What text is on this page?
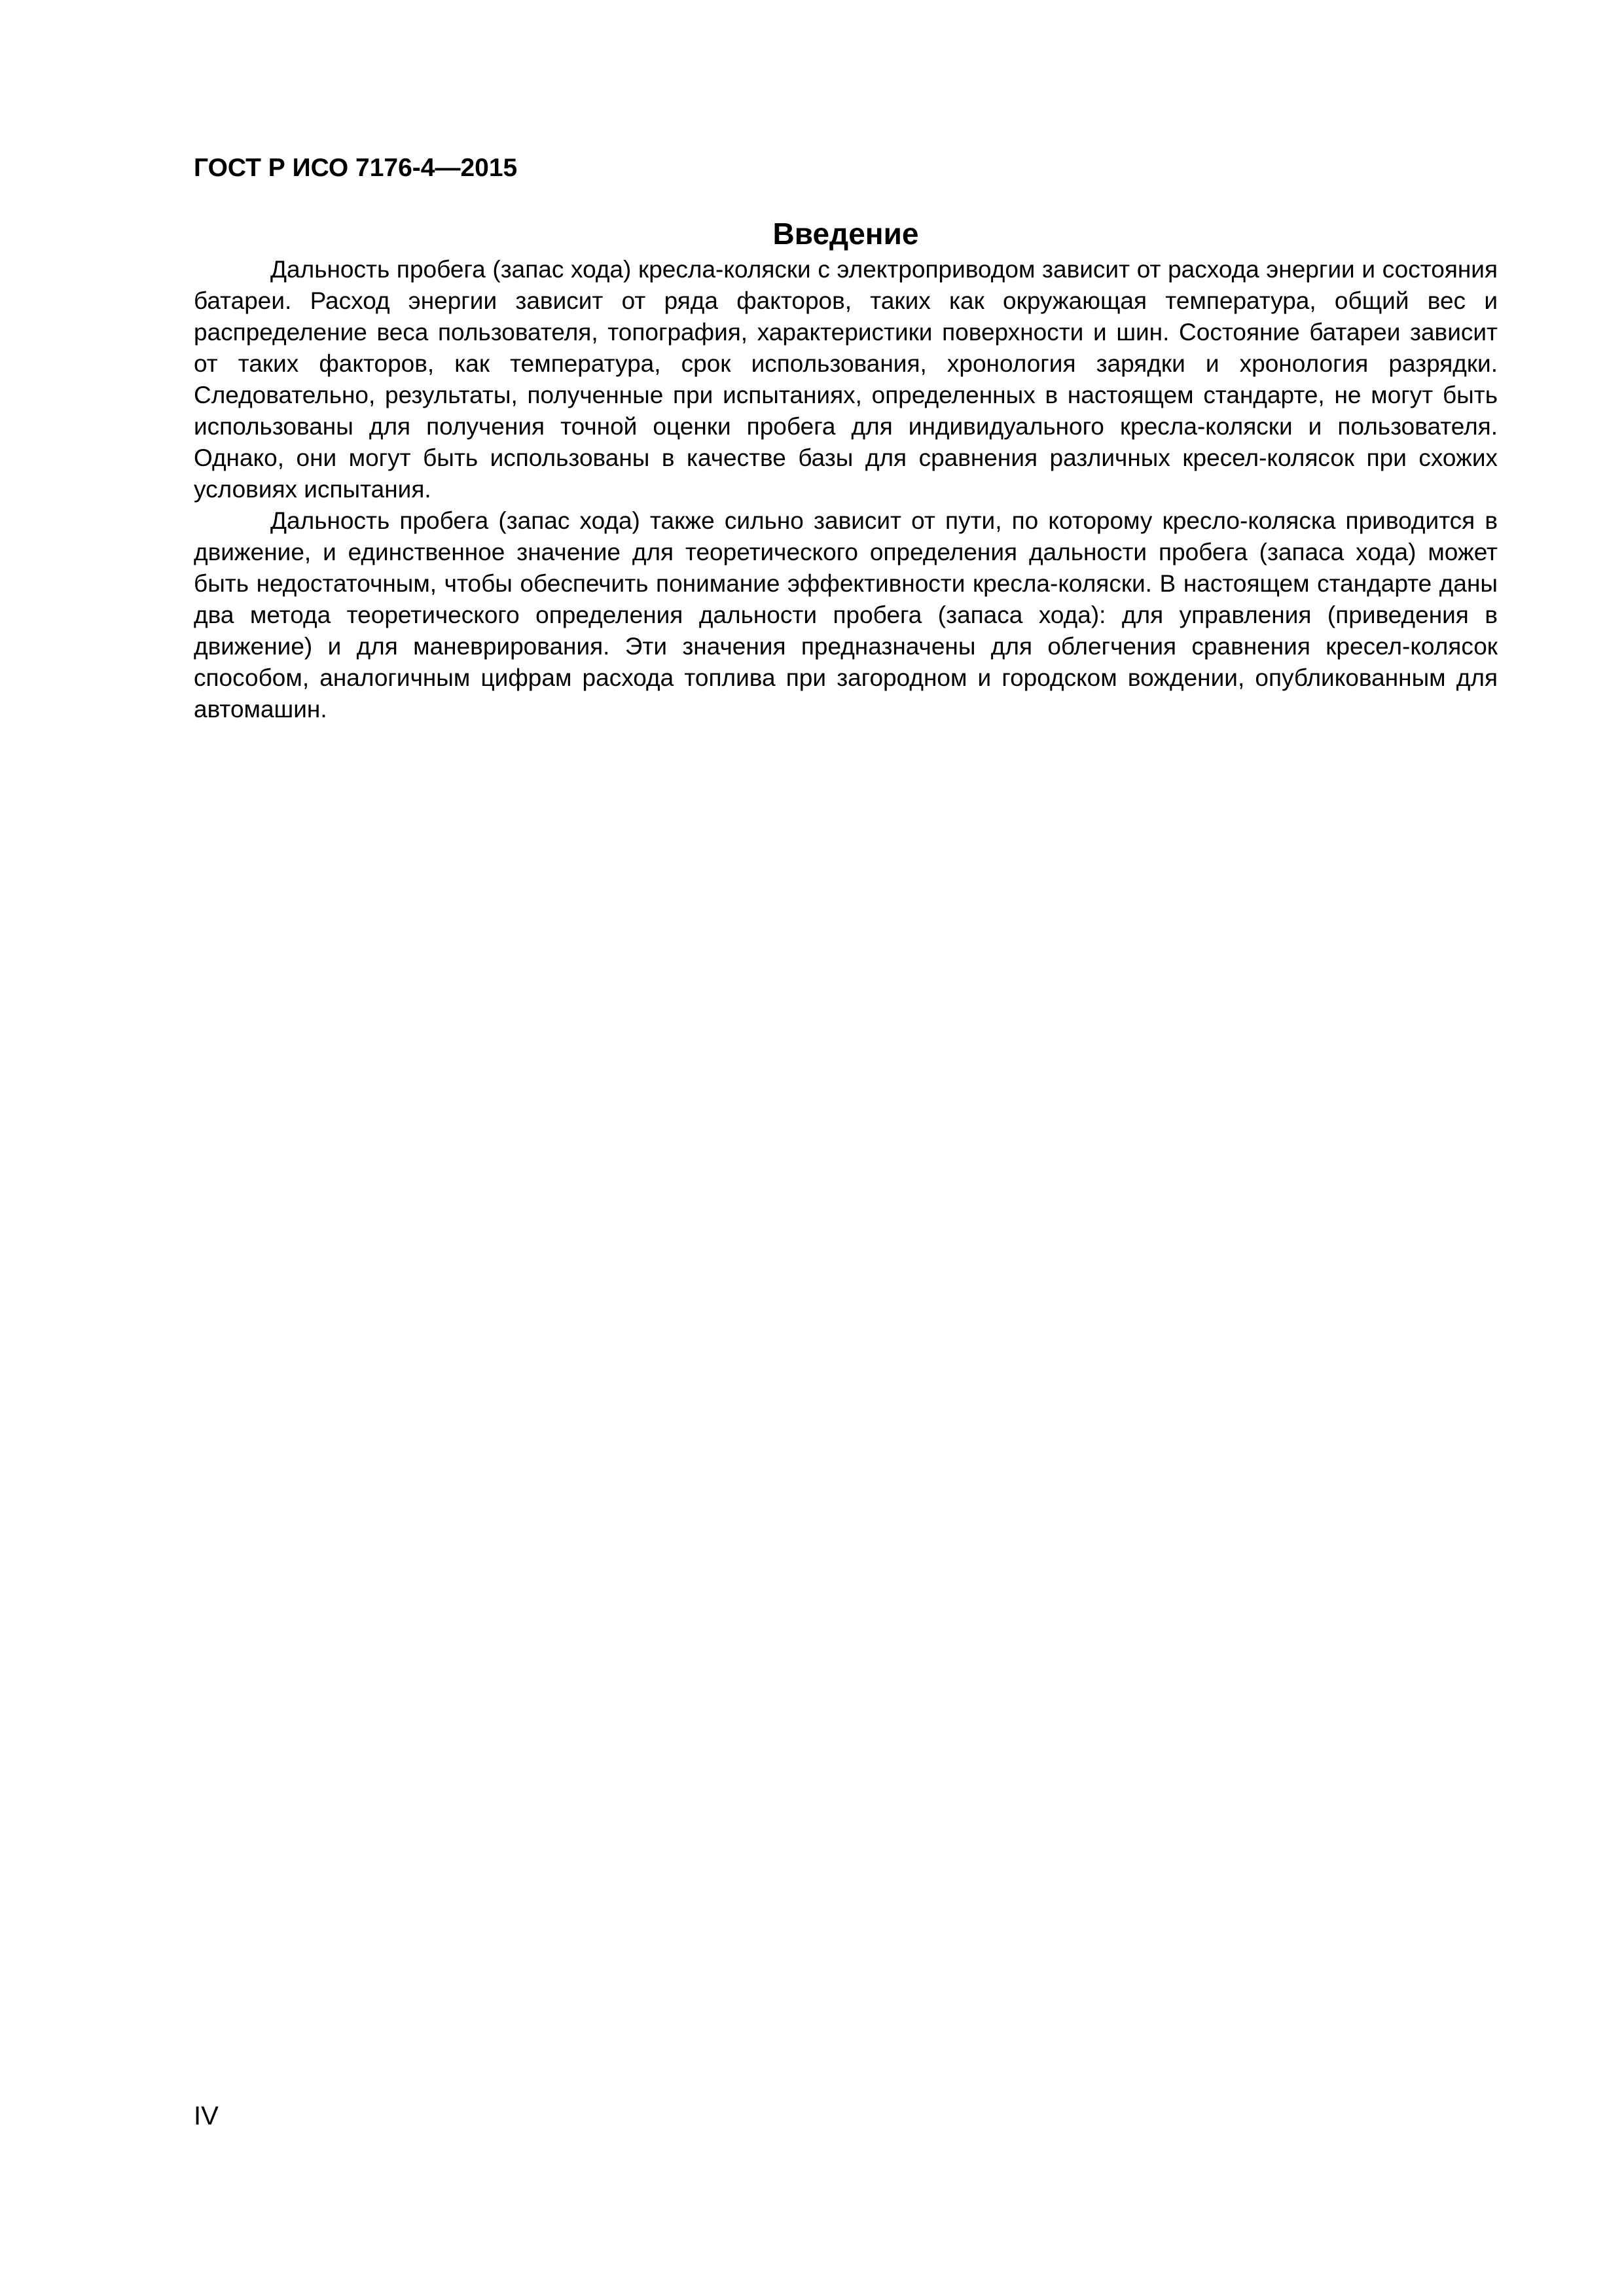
ГОСТ Р ИСО 7176-4—2015
Введение

Дальность пробега (запас хода) кресла-коляски с электроприводом зависит от расхода энергии и состояния батареи. Расход энергии зависит от ряда факторов, таких как окружающая температура, общий вес и распределение веса пользователя, топография, характеристики поверхности и шин. Состояние батареи зависит от таких факторов, как температура, срок использования, хронология зарядки и хронология разрядки. Следовательно, результаты, полученные при испытаниях, определенных в настоящем стандарте, не могут быть использованы для получения точной оценки пробега для индивидуального кресла-коляски и пользователя. Однако, они могут быть использованы в качестве базы для сравнения различных кресел-колясок при схожих условиях испытания.

Дальность пробега (запас хода) также сильно зависит от пути, по которому кресло-коляска приводится в движение, и единственное значение для теоретического определения дальности пробега (запаса хода) может быть недостаточным, чтобы обеспечить понимание эффективности кресла-коляски. В настоящем стандарте даны два метода теоретического определения дальности пробега (запаса хода): для управления (приведения в движение) и для маневрирования. Эти значения предназначены для облегчения сравнения кресел-колясок способом, аналогичным цифрам расхода топлива при загородном и городском вождении, опубликованным для автомашин.

IV
